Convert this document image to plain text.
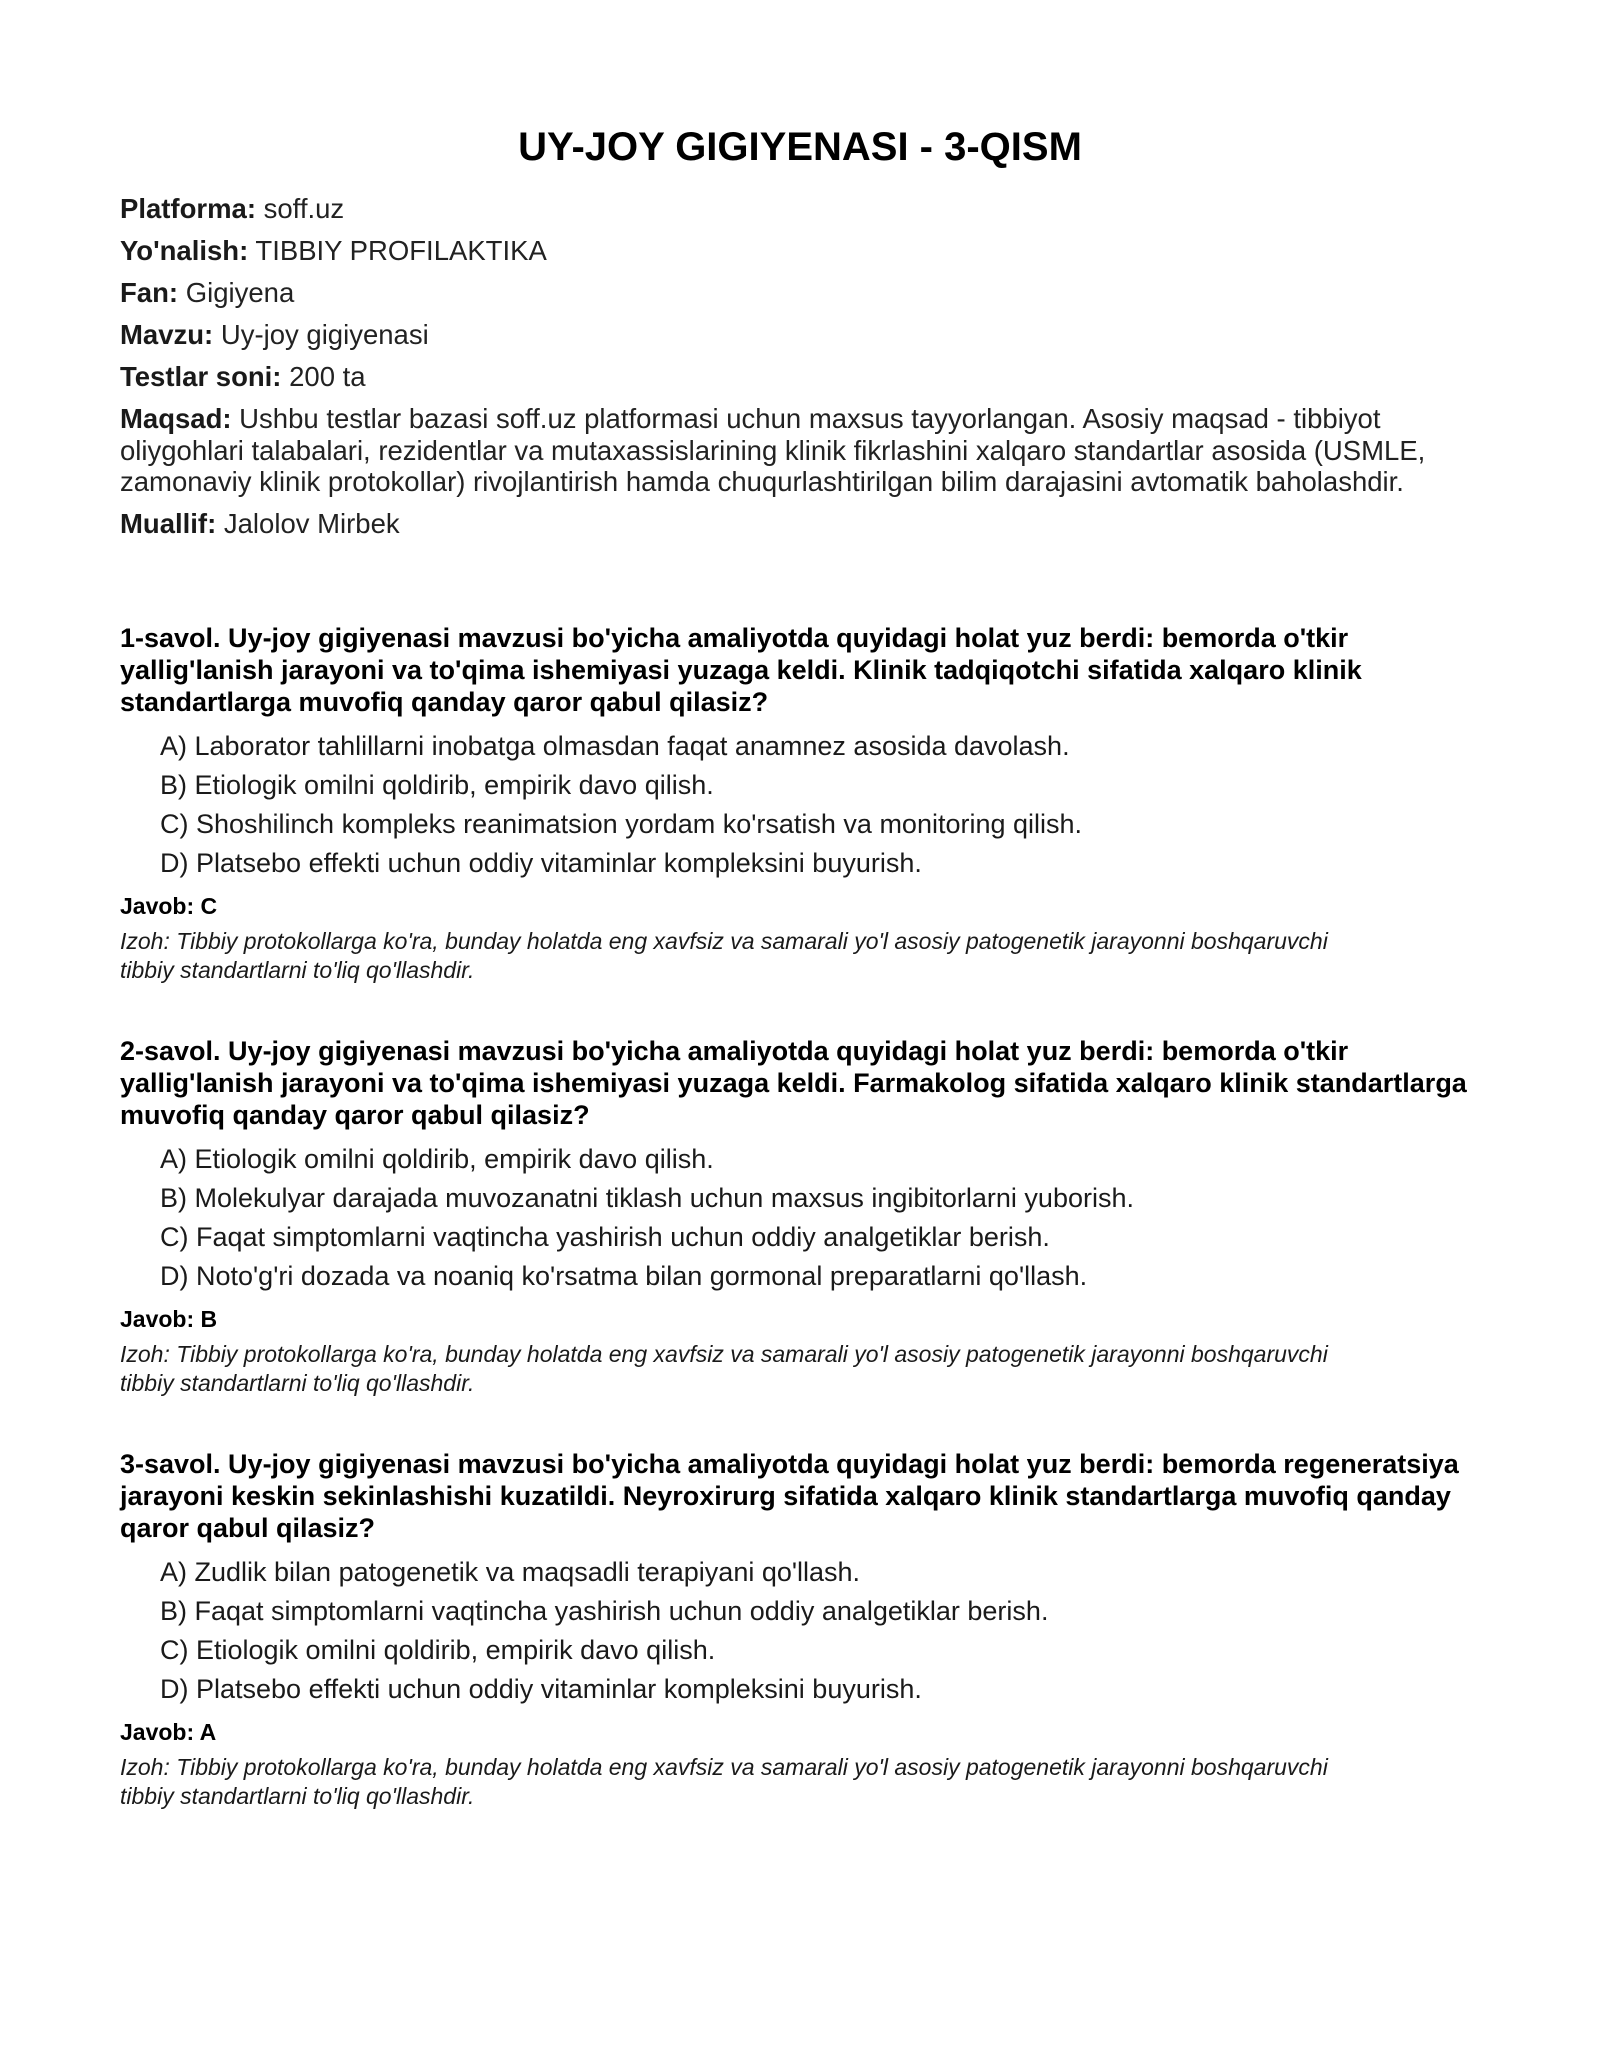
UY-JOY GIGIYENASI - 3-QISM
Platforma: soff.uz
Yo'nalish: TIBBIY PROFILAKTIKA
Fan: Gigiyena
Mavzu: Uy-joy gigiyenasi
Testlar soni: 200 ta
Maqsad: Ushbu testlar bazasi soff.uz platformasi uchun maxsus tayyorlangan. Asosiy maqsad - tibbiyot oliygohlari talabalari, rezidentlar va mutaxassislarining klinik fikrlashini xalqaro standartlar asosida (USMLE, zamonaviy klinik protokollar) rivojlantirish hamda chuqurlashtirilgan bilim darajasini avtomatik baholashdir.
Muallif: Jalolov Mirbek

1-savol. Uy-joy gigiyenasi mavzusi bo'yicha amaliyotda quyidagi holat yuz berdi: bemorda o'tkir yallig'lanish jarayoni va to'qima ishemiyasi yuzaga keldi. Klinik tadqiqotchi sifatida xalqaro klinik standartlarga muvofiq qanday qaror qabul qilasiz?

A) Laborator tahlillarni inobatga olmasdan faqat anamnez asosida davolash.
B) Etiologik omilni qoldirib, empirik davo qilish.
C) Shoshilinch kompleks reanimatsion yordam ko'rsatish va monitoring qilish.
D) Platsebo effekti uchun oddiy vitaminlar kompleksini buyurish.
Javob: C
Izoh: Tibbiy protokollarga ko'ra, bunday holatda eng xavfsiz va samarali yo'l asosiy patogenetik jarayonni boshqaruvchi tibbiy standartlarni to'liq qo'llashdir.

2-savol. Uy-joy gigiyenasi mavzusi bo'yicha amaliyotda quyidagi holat yuz berdi: bemorda o'tkir yallig'lanish jarayoni va to'qima ishemiyasi yuzaga keldi. Farmakolog sifatida xalqaro klinik standartlarga muvofiq qanday qaror qabul qilasiz?

A) Etiologik omilni qoldirib, empirik davo qilish.
B) Molekulyar darajada muvozanatni tiklash uchun maxsus ingibitorlarni yuborish.
C) Faqat simptomlarni vaqtincha yashirish uchun oddiy analgetiklar berish.
D) Noto'g'ri dozada va noaniq ko'rsatma bilan gormonal preparatlarni qo'llash.
Javob: B
Izoh: Tibbiy protokollarga ko'ra, bunday holatda eng xavfsiz va samarali yo'l asosiy patogenetik jarayonni boshqaruvchi tibbiy standartlarni to'liq qo'llashdir.

3-savol. Uy-joy gigiyenasi mavzusi bo'yicha amaliyotda quyidagi holat yuz berdi: bemorda regeneratsiya jarayoni keskin sekinlashishi kuzatildi. Neyroxirurg sifatida xalqaro klinik standartlarga muvofiq qanday qaror qabul qilasiz?

A) Zudlik bilan patogenetik va maqsadli terapiyani qo'llash.
B) Faqat simptomlarni vaqtincha yashirish uchun oddiy analgetiklar berish.
C) Etiologik omilni qoldirib, empirik davo qilish.
D) Platsebo effekti uchun oddiy vitaminlar kompleksini buyurish.
Javob: A
Izoh: Tibbiy protokollarga ko'ra, bunday holatda eng xavfsiz va samarali yo'l asosiy patogenetik jarayonni boshqaruvchi tibbiy standartlarni to'liq qo'llashdir.
